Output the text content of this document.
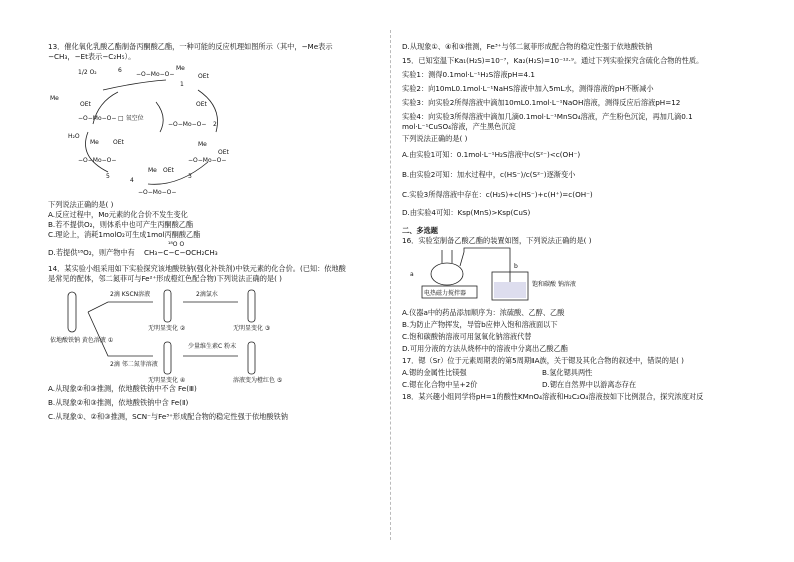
13．催化氧化乳酸乙酯制备丙酮酸乙酯，一种可能的反应机理如图所示（其中，−Me表示
−CH₃，−Et表示−C₂H₅）。
1/2 O₂	6
−O−Mo−O−
Me
OEt
1
Me
OEt
−O−Mo−O− □ 氧空位
OEt
−O−Mo−O− 2
H₂O
Me OEt
−O−Mo−O−	−O−Mo−O−
Me
OEt
3
4
5
−O−Mo−O−
Me OEt
下列说法正确的是( )
A.反应过程中，Mo元素的化合价不发生变化
B.若不提供O₂，则体系中也可产生丙酮酸乙酯
C.理论上，消耗1molO₂可生成1mol丙酮酸乙酯
D.若提供¹⁸O₂，则产物中有
¹⁸O O
CH₃−C−C−OCH₂CH₃
14．某实验小组采用如下实验探究该地酸铁钠(强化补铁剂)中铁元素的化合价。(已知：依地酸
是常见的配体，邻二氮菲可与Fe²⁺形成橙红色配合物)下列说法正确的是( )
依地酸铁钠 黄色溶液 ①
2滴 KSCN溶液
无明显变化 ②
2滴氯水
无明显变化 ③
2滴 邻二氮菲溶液
无明显变化 ④
少量维生素C 粉末
溶液变为橙红色 ⑤
A.从现象②和③推测，依地酸铁钠中不含 Fe(Ⅲ)
B.从现象②和③推测，依地酸铁钠中含 Fe(Ⅱ)
C.从现象①、②和③推测，SCN⁻与Fe³⁺形成配合物的稳定性强于依地酸铁钠
D.从现象①、④和⑤推测，Fe³⁺与邻二氮菲形成配合物的稳定性强于依地酸铁钠
15．已知室温下Ka₁(H₂S)=10⁻⁷，Ka₂(H₂S)=10⁻¹²·⁹。通过下列实验探究含硫化合物的性质。
实验1：测得0.1mol·L⁻¹H₂S溶液pH=4.1
实验2：向10mL0.1mol·L⁻¹NaHS溶液中加入5mL水，测得溶液的pH不断减小
实验3：向实验2所得溶液中滴加10mL0.1mol·L⁻¹NaOH溶液，测得反应后溶液pH=12
实验4：向实验3所得溶液中滴加几滴0.1mol·L⁻¹MnSO₄溶液，产生粉色沉淀，再加几滴0.1
mol·L⁻¹CuSO₄溶液，产生黑色沉淀
下列说法正确的是( )
A.由实验1可知：0.1mol·L⁻¹H₂S溶液中c(S²⁻)<c(OH⁻)
B.由实验2可知：加水过程中，c(HS⁻)/c(S²⁻)逐渐变小
C.实验3所得溶液中存在：c(H₂S)+c(HS⁻)+c(H⁺)=c(OH⁻)
D.由实验4可知：Ksp(MnS)>Ksp(CuS)
二、多选题
16．实验室制备乙酸乙酯的装置如图，下列说法正确的是( )
a
b
电热磁力搅拌器
饱和碳酸 钠溶液
A.仪器a中的药品添加顺序为：浓硫酸、乙醇、乙酸
B.为防止产物挥发，导管b应伸入饱和溶液面以下
C.饱和碳酸钠溶液可用氢氧化钠溶液代替
D.可用分液的方法从烧杯中的溶液中分离出乙酸乙酯
17．锶（Sr）位于元素周期表的第5周期ⅡA族，关于锶及其化合物的叙述中，错误的是( )
A.锶的金属性比镁强	B.氢化锶具两性
C.锶在化合物中呈+2价	D.锶在自然界中以游离态存在
18．某兴趣小组同学将pH=1的酸性KMnO₄溶液和H₂C₂O₄溶液按如下比例混合，探究浓度对反
